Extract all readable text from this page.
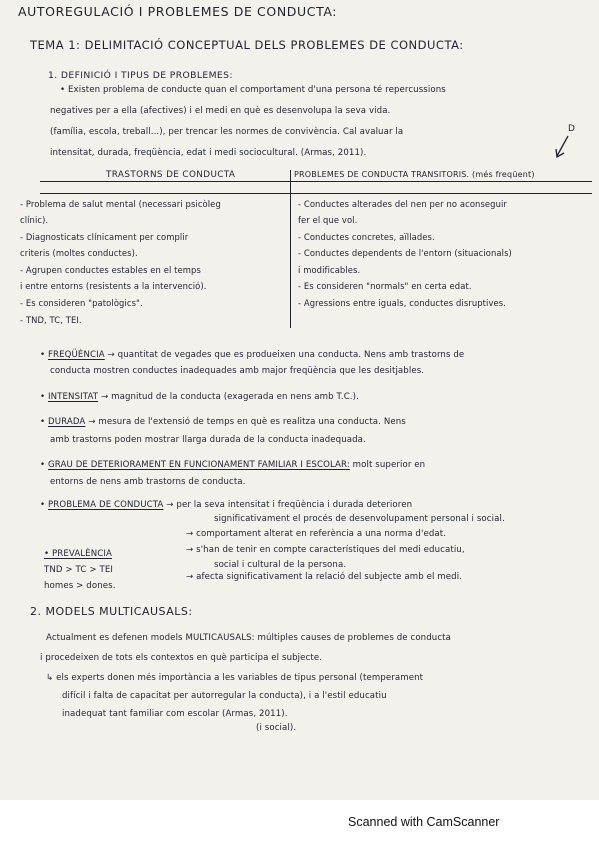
AUTOREGULACIÓ I PROBLEMES DE CONDUCTA:
TEMA 1: DELIMITACIÓ CONCEPTUAL DELS PROBLEMES DE CONDUCTA:
1. DEFINICIÓ I TIPUS DE PROBLEMES:
• Existen problema de conducte quan el comportament d'una persona té repercussions
negatives per a ella (afectives) i el medi en què es desenvolupa la seva vida.
(família, escola, treball...), per trencar les normes de convivència. Cal avaluar la
intensitat, durada, freqüència, edat i medi sociocultural. (Armas, 2011).
D
TRASTORNS DE CONDUCTA	PROBLEMES DE CONDUCTA TRANSITORIS. (més freqüent)
- Problema de salut mental (necessari psicòleg
clínic).
- Diagnosticats clínicament per complir
criteris (moltes conductes).
- Agrupen conductes estables en el temps
i entre entorns (resistents a la intervenció).
- Es consideren "patològics".
- TND, TC, TEI.
- Conductes alterades del nen per no aconseguir
fer el que vol.
- Conductes concretes, aïllades.
- Conductes dependents de l'entorn (situacionals)
i modificables.
- Es consideren "normals" en certa edat.
- Agressions entre iguals, conductes disruptives.
• FREQÜÈNCIA → quantitat de vegades que es produeixen una conducta. Nens amb trastorns de
conducta mostren conductes inadequades amb major freqüència que les desitjables.
• INTENSITAT → magnitud de la conducta (exagerada en nens amb T.C.).
• DURADA → mesura de l'extensió de temps en què es realitza una conducta. Nens
amb trastorns poden mostrar llarga durada de la conducta inadequada.
• GRAU DE DETERIORAMENT EN FUNCIONAMENT FAMILIAR I ESCOLAR: molt superior en
entorns de nens amb trastorns de conducta.
• PROBLEMA DE CONDUCTA → per la seva intensitat i freqüència i durada deterioren
significativament el procés de desenvolupament personal i social.
→ comportament alterat en referència a una norma d'edat.
→ s'han de tenir en compte característiques del medi educatiu,
social i cultural de la persona.
→ afecta significativament la relació del subjecte amb el medi.
• PREVALÈNCIA
TND > TC > TEI
homes > dones.
2. MODELS MULTICAUSALS:
Actualment es defenen models MULTICAUSALS: múltiples causes de problemes de conducta
i procedeixen de tots els contextos en què participa el subjecte.
↳ els experts donen més importància a les variables de tipus personal (temperament
difícil i falta de capacitat per autorregular la conducta), i a l'estil educatiu
inadequat tant familiar com escolar (Armas, 2011).
(i social).
Scanned with CamScanner
